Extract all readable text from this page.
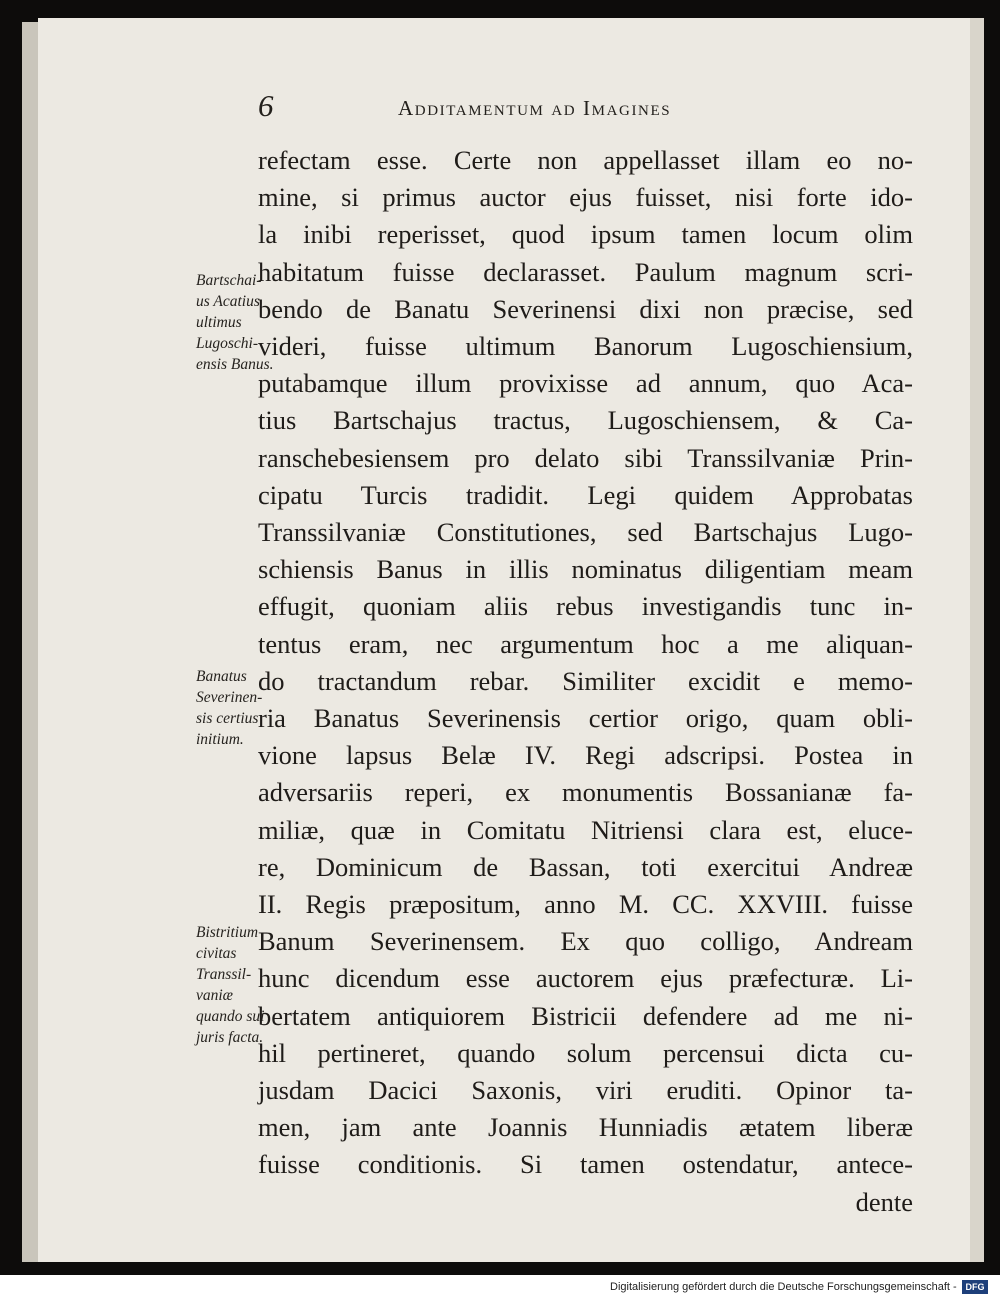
6	Additamentum ad Imagines
Bartschai-
us Acatius
ultimus
Lugoschi-
ensis Banus.
Banatus
Severinen-
sis certius
initium.
Bistritium
civitas
Transsil-
vaniæ
quando sui
juris facta.
refectam esse. Certe non appellasset illam eo no-
mine, si primus auctor ejus fuisset, nisi forte ido-
la inibi reperisset, quod ipsum tamen locum olim
habitatum fuisse declarasset. Paulum magnum scri-
bendo de Banatu Severinensi dixi non præcise, sed
videri, fuisse ultimum Banorum Lugoschiensium,
putabamque illum provixisse ad annum, quo Aca-
tius Bartschajus tractus, Lugoschiensem, & Ca-
ranschebesiensem pro delato sibi Transsilvaniæ Prin-
cipatu Turcis tradidit. Legi quidem Approbatas
Transsilvaniæ Constitutiones, sed Bartschajus Lugo-
schiensis Banus in illis nominatus diligentiam meam
effugit, quoniam aliis rebus investigandis tunc in-
tentus eram, nec argumentum hoc a me aliquan-
do tractandum rebar. Similiter excidit e memo-
ria Banatus Severinensis certior origo, quam obli-
vione lapsus Belæ IV. Regi adscripsi. Postea in
adversariis reperi, ex monumentis Bossanianæ fa-
miliæ, quæ in Comitatu Nitriensi clara est, eluce-
re, Dominicum de Bassan, toti exercitui Andreæ
II. Regis præpositum, anno M. CC. XXVIII. fuisse
Banum Severinensem. Ex quo colligo, Andream
hunc dicendum esse auctorem ejus præfecturæ. Li-
bertatem antiquiorem Bistricii defendere ad me ni-
hil pertineret, quando solum percensui dicta cu-
jusdam Dacici Saxonis, viri eruditi. Opinor ta-
men, jam ante Joannis Hunniadis ætatem liberæ
fuisse conditionis. Si tamen ostendatur, antece-
dente
Digitalisierung gefördert durch die Deutsche Forschungsgemeinschaft - DFG
